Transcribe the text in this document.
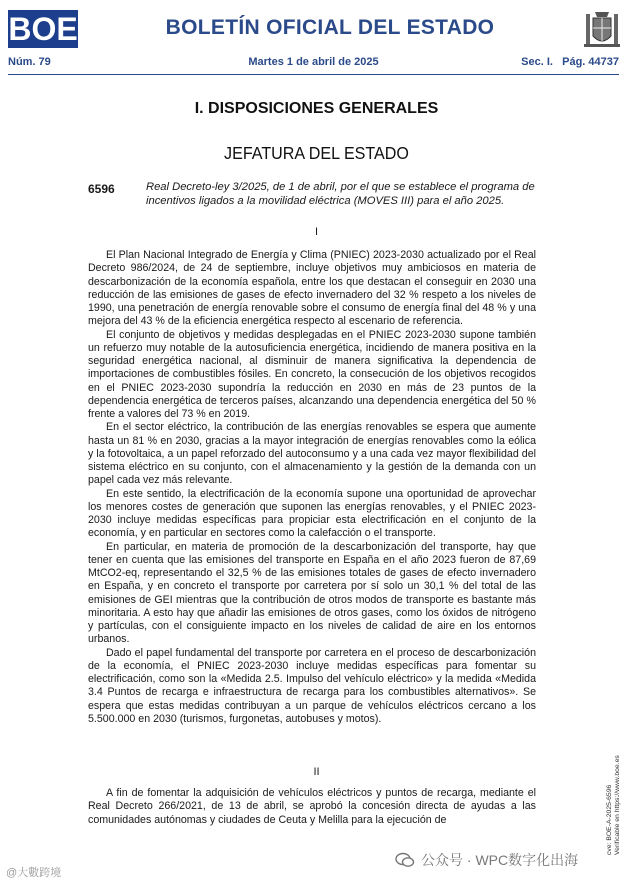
BOE	BOLETÍN OFICIAL DEL ESTADO
Núm. 79	Martes 1 de abril de 2025	Sec. I. Pág. 44737
I. DISPOSICIONES GENERALES
JEFATURA DEL ESTADO
6596	Real Decreto-ley 3/2025, de 1 de abril, por el que se establece el programa de incentivos ligados a la movilidad eléctrica (MOVES III) para el año 2025.
I

El Plan Nacional Integrado de Energía y Clima (PNIEC) 2023-2030 actualizado por el Real Decreto 986/2024, de 24 de septiembre, incluye objetivos muy ambiciosos en materia de descarbonización de la economía española, entre los que destacan el conseguir en 2030 una reducción de las emisiones de gases de efecto invernadero del 32 % respeto a los niveles de 1990, una penetración de energía renovable sobre el consumo de energía final del 48 % y una mejora del 43 % de la eficiencia energética respecto al escenario de referencia.

El conjunto de objetivos y medidas desplegadas en el PNIEC 2023-2030 supone también un refuerzo muy notable de la autosuficiencia energética, incidiendo de manera positiva en la seguridad energética nacional, al disminuir de manera significativa la dependencia de importaciones de combustibles fósiles. En concreto, la consecución de los objetivos recogidos en el PNIEC 2023-2030 supondría la reducción en 2030 en más de 23 puntos de la dependencia energética de terceros países, alcanzando una dependencia energética del 50 % frente a valores del 73 % en 2019.

En el sector eléctrico, la contribución de las energías renovables se espera que aumente hasta un 81 % en 2030, gracias a la mayor integración de energías renovables como la eólica y la fotovoltaica, a un papel reforzado del autoconsumo y a una cada vez mayor flexibilidad del sistema eléctrico en su conjunto, con el almacenamiento y la gestión de la demanda con un papel cada vez más relevante.

En este sentido, la electrificación de la economía supone una oportunidad de aprovechar los menores costes de generación que suponen las energías renovables, y el PNIEC 2023-2030 incluye medidas específicas para propiciar esta electrificación en el conjunto de la economía, y en particular en sectores como la calefacción o el transporte.

En particular, en materia de promoción de la descarbonización del transporte, hay que tener en cuenta que las emisiones del transporte en España en el año 2023 fueron de 87,69 MtCO2-eq, representando el 32,5 % de las emisiones totales de gases de efecto invernadero en España, y en concreto el transporte por carretera por sí solo un 30,1 % del total de las emisiones de GEI mientras que la contribución de otros modos de transporte es bastante más minoritaria. A esto hay que añadir las emisiones de otros gases, como los óxidos de nitrógeno y partículas, con el consiguiente impacto en los niveles de calidad de aire en los entornos urbanos.

Dado el papel fundamental del transporte por carretera en el proceso de descarbonización de la economía, el PNIEC 2023-2030 incluye medidas específicas para fomentar su electrificación, como son la «Medida 2.5. Impulso del vehículo eléctrico» y la medida «Medida 3.4 Puntos de recarga e infraestructura de recarga para los combustibles alternativos». Se espera que estas medidas contribuyan a un parque de vehículos eléctricos cercano a los 5.500.000 en 2030 (turismos, furgonetas, autobuses y motos).

II

A fin de fomentar la adquisición de vehículos eléctricos y puntos de recarga, mediante el Real Decreto 266/2021, de 13 de abril, se aprobó la concesión directa de ayudas a las comunidades autónomas y ciudades de Ceuta y Melilla para la ejecución de	cve: BOE-A-2025-6596
Verificable en https://www.boe.es
@大數跨境
公众号 · WPC数字化出海
